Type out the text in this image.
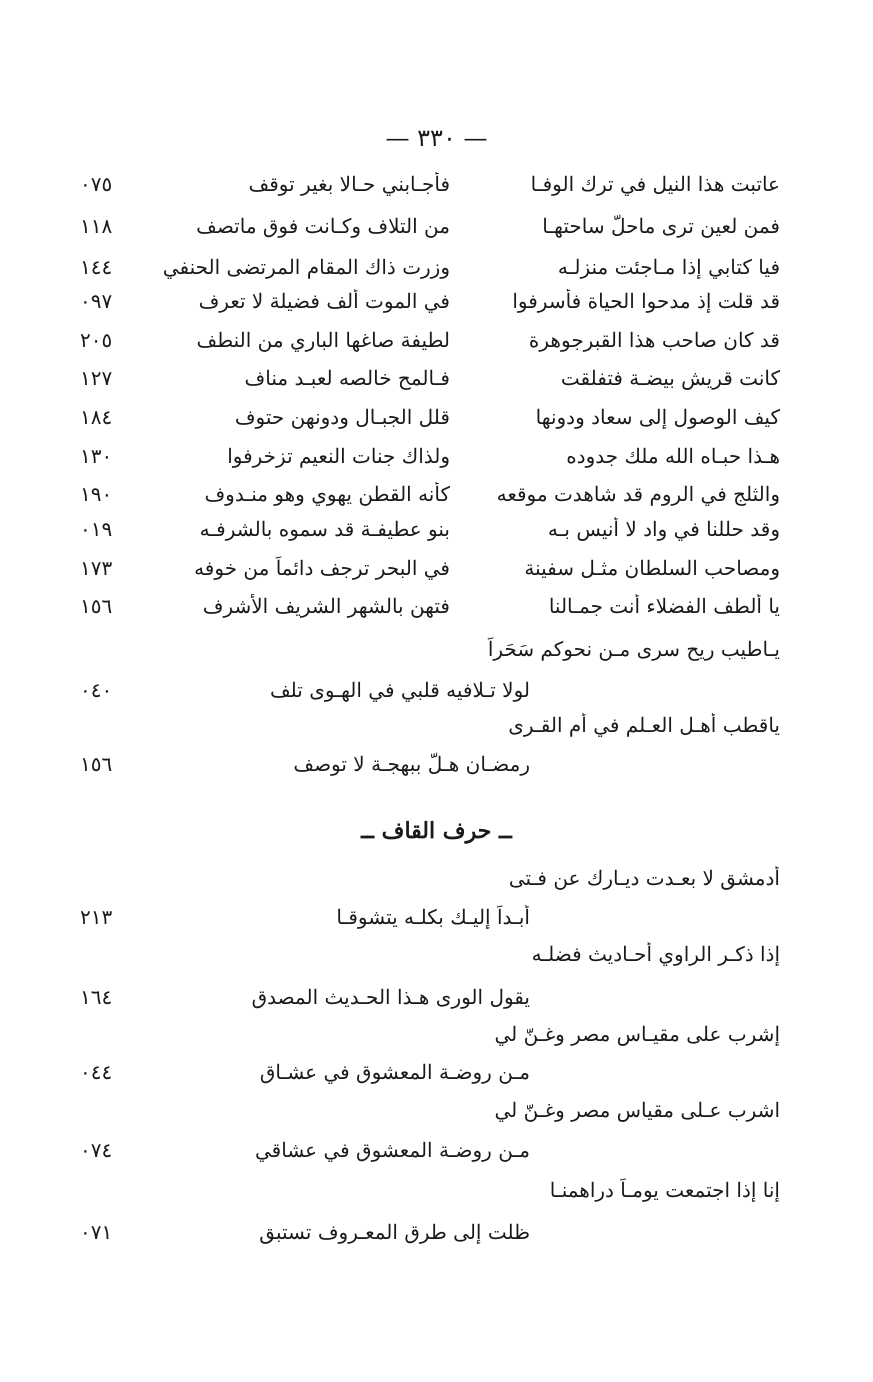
— ٣٣٠ —
عاتبت هذا النيل في ترك الوفـا
فأجـابني حـالا بغير توقف
٠٧٥
فمن لعين ترى ماحلّ ساحتهـا
من التلاف وكـانت فوق ماتصف
١١٨
فيا كتابي إذا مـاجئت منزلـه
وزرت ذاك المقام المرتضى الحنفي
١٤٤
قد قلت إذ مدحوا الحياة فأسرفوا
في الموت ألف فضيلة لا تعرف
٠٩٧
قد كان صاحب هذا القبرجوهرة
لطيفة صاغها الباري من النطف
٢٠٥
كانت قريش بيضـة فتفلقت
فـالمح خالصه لعبـد مناف
١٢٧
كيف الوصول إلى سعاد ودونها
قلل الجبـال ودونهن حتوف
١٨٤
هـذا حبـاه الله ملك جدوده
ولذاك جنات النعيم تزخرفوا
١٣٠
والثلج في الروم قد شاهدت موقعه
كأنه القطن يهوي وهو منـدوف
١٩٠
وقد حللنا في واد لا أنيس بـه
بنو عطيفـة قد سموه بالشرفـه
٠١٩
ومصاحب السلطان مثـل سفينة
في البحر ترجف دائماً من خوفه
١٧٣
يا ألطف الفضلاء أنت جمـالنا
فتهن بالشهر الشريف الأشرف
١٥٦
يـاطيب ريح سرى مـن نحوكم سَحَراً
لولا تـلافيه قلبي في الهـوى تلف
٠٤٠
ياقطب أهـل العـلم في أم القـرى
رمضـان هـلّ ببهجـة لا توصف
١٥٦
ــ حرف القاف ــ
أدمشق لا بعـدت ديـارك عن فـتى
أبـداً إليـك بكلـه يتشوقـا
٢١٣
إذا ذكـر الراوي أحـاديث فضلـه
يقول الورى هـذا الحـديث المصدق
١٦٤
إشرب على مقيـاس مصر وغـنّ لي
مـن روضـة المعشوق في عشـاق
٠٤٤
اشرب عـلى مقياس مصر وغـنّ لي
مـن روضـة المعشوق في عشاقي
٠٧٤
إنا إذا اجتمعت يومـاً دراهمنـا
ظلت إلى طرق المعـروف تستبق
٠٧١
